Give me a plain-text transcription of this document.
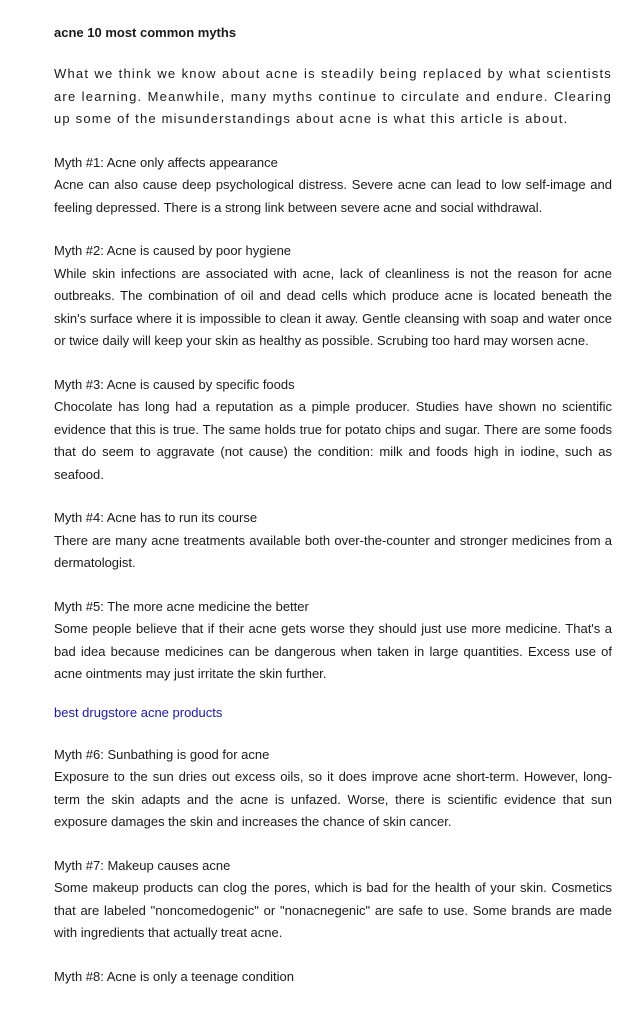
acne 10 most common myths
What we think we know about acne is steadily being replaced by what scientists are learning. Meanwhile, many myths continue to circulate and endure. Clearing up some of the misunderstandings about acne is what this article is about.
Myth #1: Acne only affects appearance
Acne can also cause deep psychological distress. Severe acne can lead to low self-image and feeling depressed. There is a strong link between severe acne and social withdrawal.
Myth #2: Acne is caused by poor hygiene
While skin infections are associated with acne, lack of cleanliness is not the reason for acne outbreaks. The combination of oil and dead cells which produce acne is located beneath the skin's surface where it is impossible to clean it away. Gentle cleansing with soap and water once or twice daily will keep your skin as healthy as possible. Scrubing too hard may worsen acne.
Myth #3: Acne is caused by specific foods
Chocolate has long had a reputation as a pimple producer. Studies have shown no scientific evidence that this is true. The same holds true for potato chips and sugar. There are some foods that do seem to aggravate (not cause) the condition: milk and foods high in iodine, such as seafood.
Myth #4: Acne has to run its course
There are many acne treatments available both over-the-counter and stronger medicines from a dermatologist.
Myth #5: The more acne medicine the better
Some people believe that if their acne gets worse they should just use more medicine. That's a bad idea because medicines can be dangerous when taken in large quantities. Excess use of acne ointments may just irritate the skin further.
best drugstore acne products
Myth #6: Sunbathing is good for acne
Exposure to the sun dries out excess oils, so it does improve acne short-term. However, long-term the skin adapts and the acne is unfazed. Worse, there is scientific evidence that sun exposure damages the skin and increases the chance of skin cancer.
Myth #7: Makeup causes acne
Some makeup products can clog the pores, which is bad for the health of your skin. Cosmetics that are labeled "noncomedogenic" or "nonacnegenic" are safe to use. Some brands are made with ingredients that actually treat acne.
Myth #8: Acne is only a teenage condition
